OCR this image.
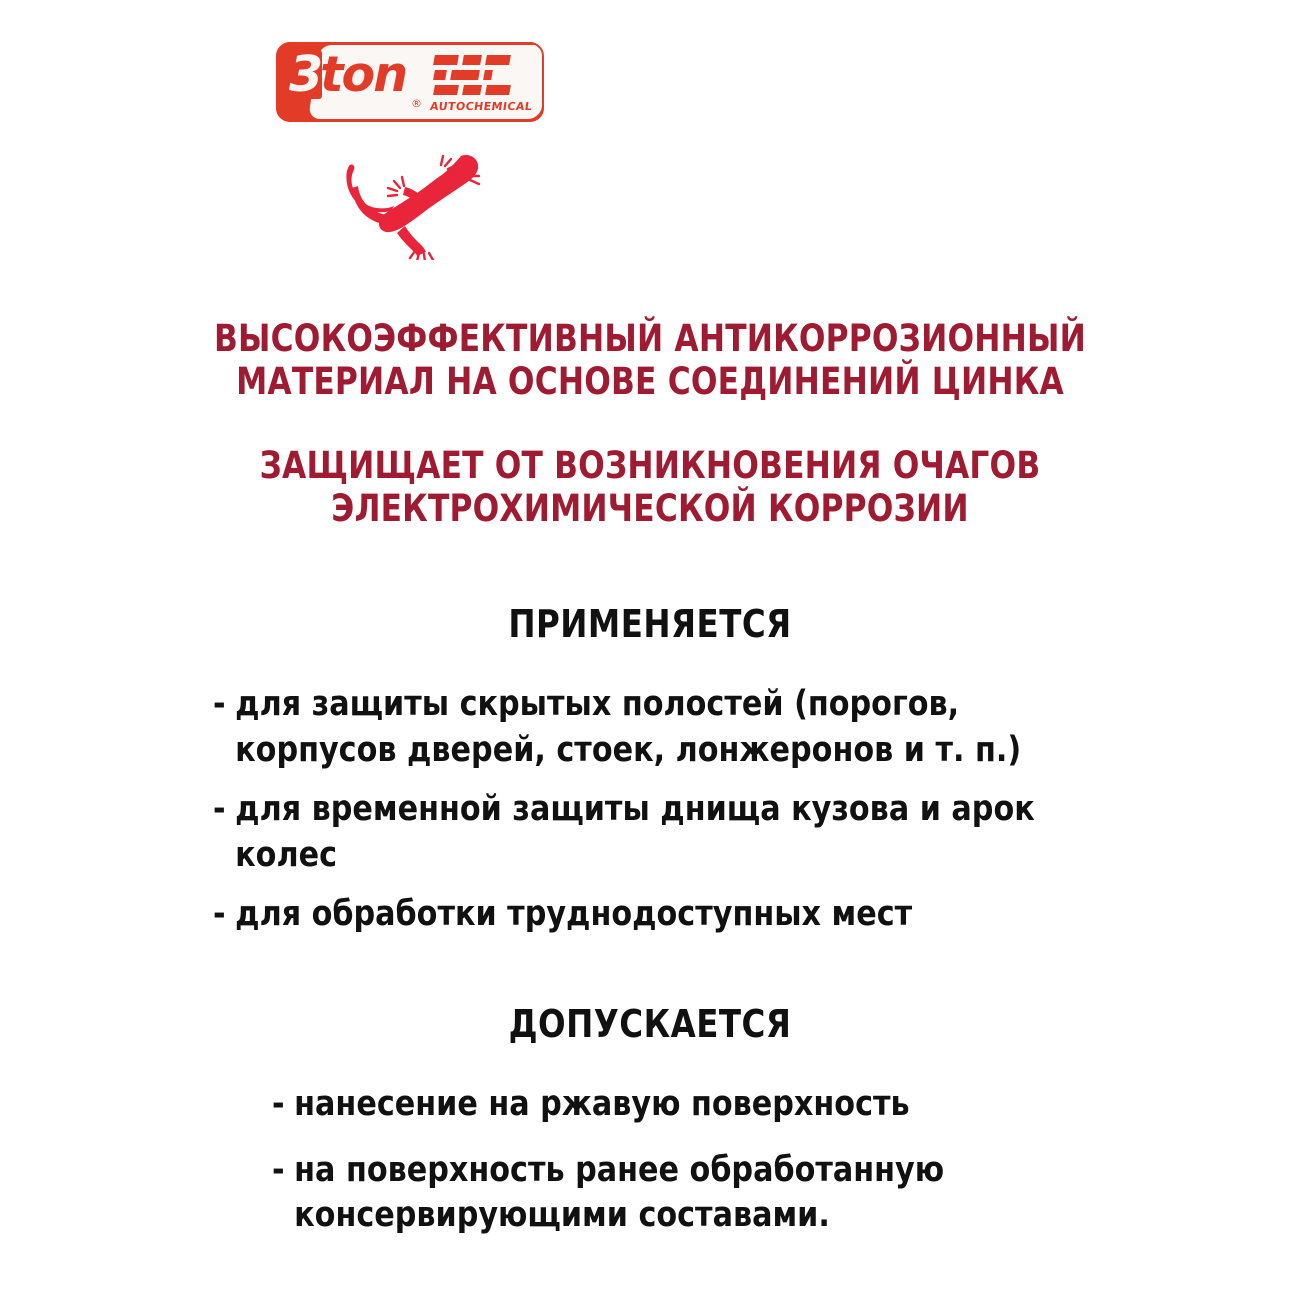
3ton
® AUTOCHEMICAL
ВЫСОКОЭФФЕКТИВНЫЙ АНТИКОРРОЗИОННЫЙ
МАТЕРИАЛ НА ОСНОВЕ СОЕДИНЕНИЙ ЦИНКА
ЗАЩИЩАЕТ ОТ ВОЗНИКНОВЕНИЯ ОЧАГОВ
ЭЛЕКТРОХИМИЧЕСКОЙ КОРРОЗИИ
ПРИМЕНЯЕТСЯ
- для защиты скрытых полостей (порогов, корпусов дверей, стоек, лонжеронов и т. п.)
- для временной защиты днища кузова и арок колес
- для обработки труднодоступных мест
ДОПУСКАЕТСЯ
- нанесение на ржавую поверхность
- на поверхность ранее обработанную консервирующими составами.
